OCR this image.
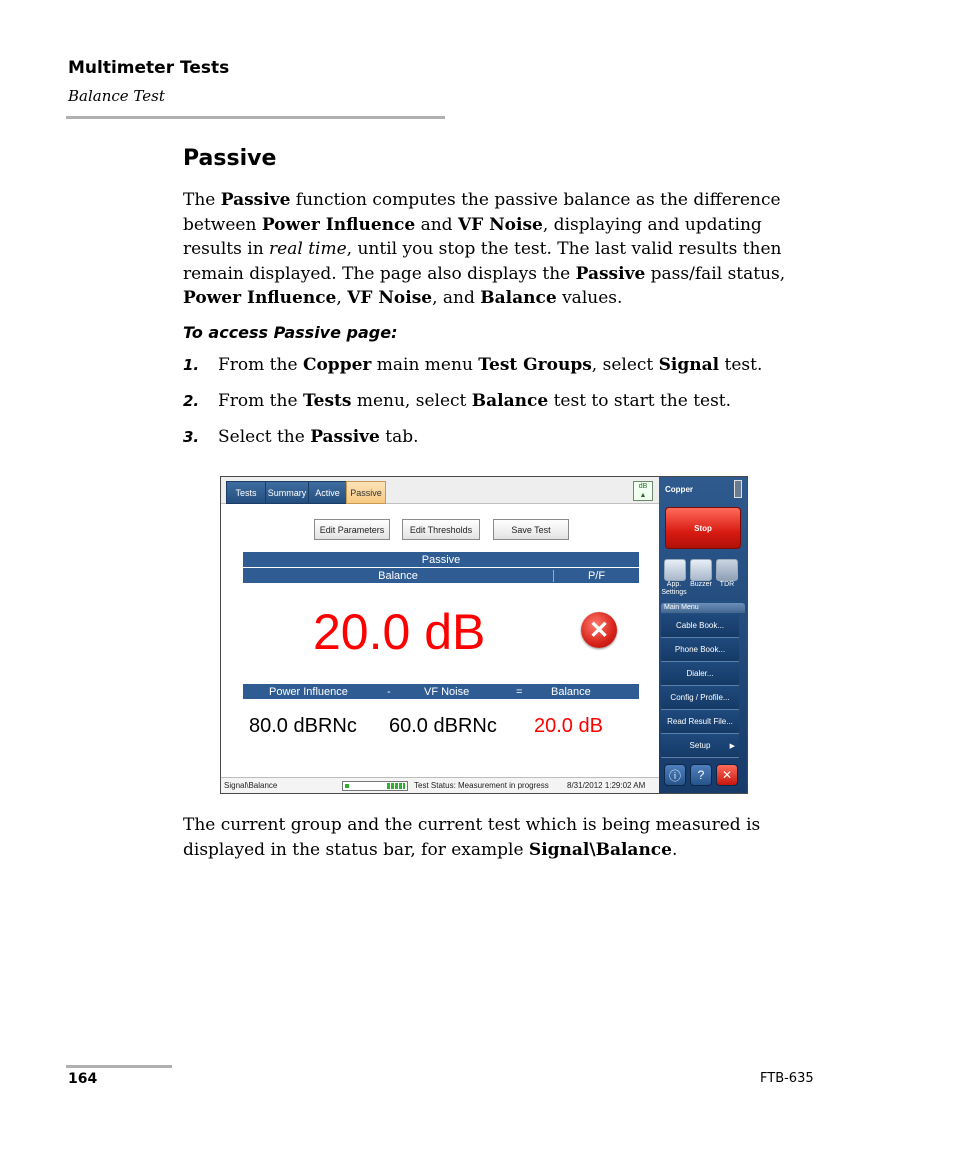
Multimeter Tests
Balance Test
Passive
The Passive function computes the passive balance as the difference between Power Influence and VF Noise, displaying and updating results in real time, until you stop the test. The last valid results then remain displayed. The page also displays the Passive pass/fail status, Power Influence, VF Noise, and Balance values.
To access Passive page:
1. From the Copper main menu Test Groups, select Signal test.
2. From the Tests menu, select Balance test to start the test.
3. Select the Passive tab.
Tests	Summary Active	Passive
dB
▲
Edit Parameters	Edit Thresholds	Save Test
Passive
Balance	P/F
20.0 dB	✕
Power Influence	-	VF Noise	=	Balance
80.0 dBRNc 60.0 dBRNc 20.0 dB
Signal\Balance	Test Status: Measurement in progress 8/31/2012 1:29:02 AM
Copper
Stop
App.
Settings
Buzzer	TDR
Main Menu
Cable Book...
Phone Book...
Dialer...
Config / Profile...
Read Result File...
Setup	▶
ⓘ	?	✕
The current group and the current test which is being measured is displayed in the status bar, for example Signal\Balance.
164	FTB-635
